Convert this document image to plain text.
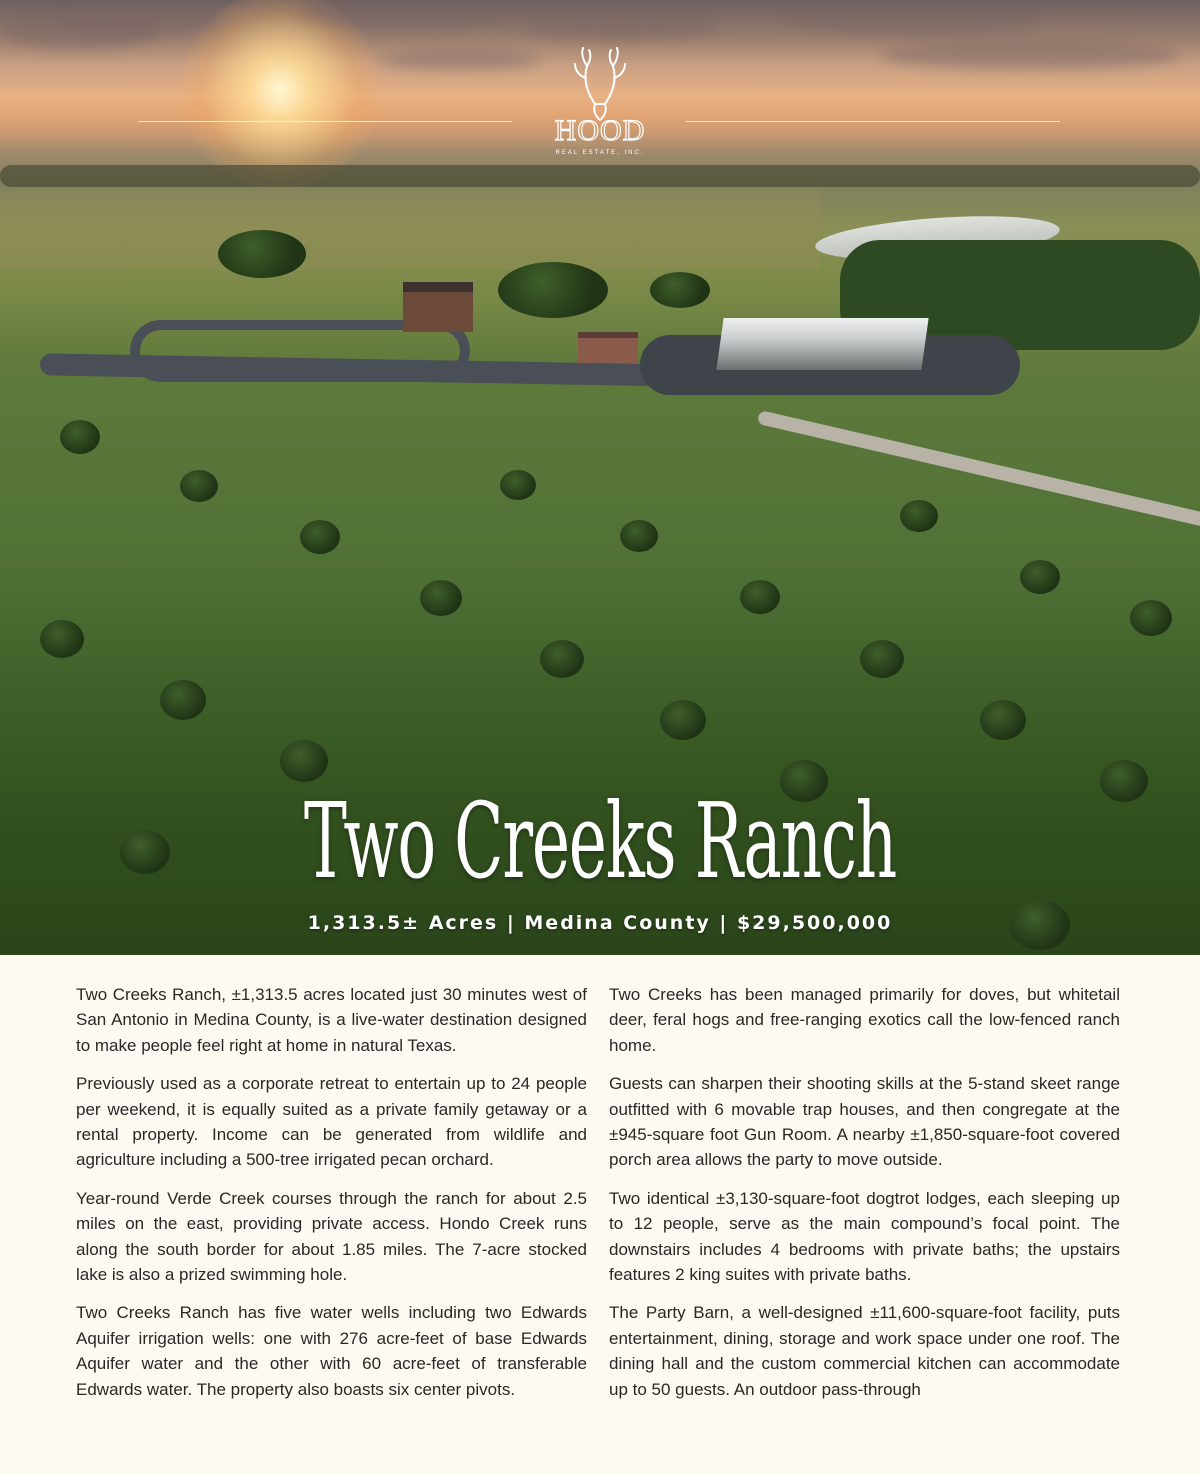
HOOD
REAL ESTATE, INC.
Two Creeks Ranch
1,313.5± Acres | Medina County | $29,500,000

Two Creeks Ranch, ±1,313.5 acres located just 30 minutes west of San Antonio in Medina County, is a live-water destination designed to make people feel right at home in natural Texas.

Previously used as a corporate retreat to entertain up to 24 people per weekend, it is equally suited as a private family getaway or a rental property. Income can be generated from wildlife and agriculture including a 500-tree irrigated pecan orchard.

Year-round Verde Creek courses through the ranch for about 2.5 miles on the east, providing private access. Hondo Creek runs along the south border for about 1.85 miles. The 7-acre stocked lake is also a prized swimming hole.

Two Creeks Ranch has five water wells including two Edwards Aquifer irrigation wells: one with 276 acre-feet of base Edwards Aquifer water and the other with 60 acre-feet of transferable Edwards water. The property also boasts six center pivots.

Two Creeks has been managed primarily for doves, but whitetail deer, feral hogs and free-ranging exotics call the low-fenced ranch home.

Guests can sharpen their shooting skills at the 5-stand skeet range outfitted with 6 movable trap houses, and then congregate at the ±945-square foot Gun Room. A nearby ±1,850-square-foot covered porch area allows the party to move outside.

Two identical ±3,130-square-foot dogtrot lodges, each sleeping up to 12 people, serve as the main compound’s focal point. The downstairs includes 4 bedrooms with private baths; the upstairs features 2 king suites with private baths.

The Party Barn, a well-designed ±11,600-square-foot facility, puts entertainment, dining, storage and work space under one roof. The dining hall and the custom commercial kitchen can accommodate up to 50 guests. An outdoor pass-through
